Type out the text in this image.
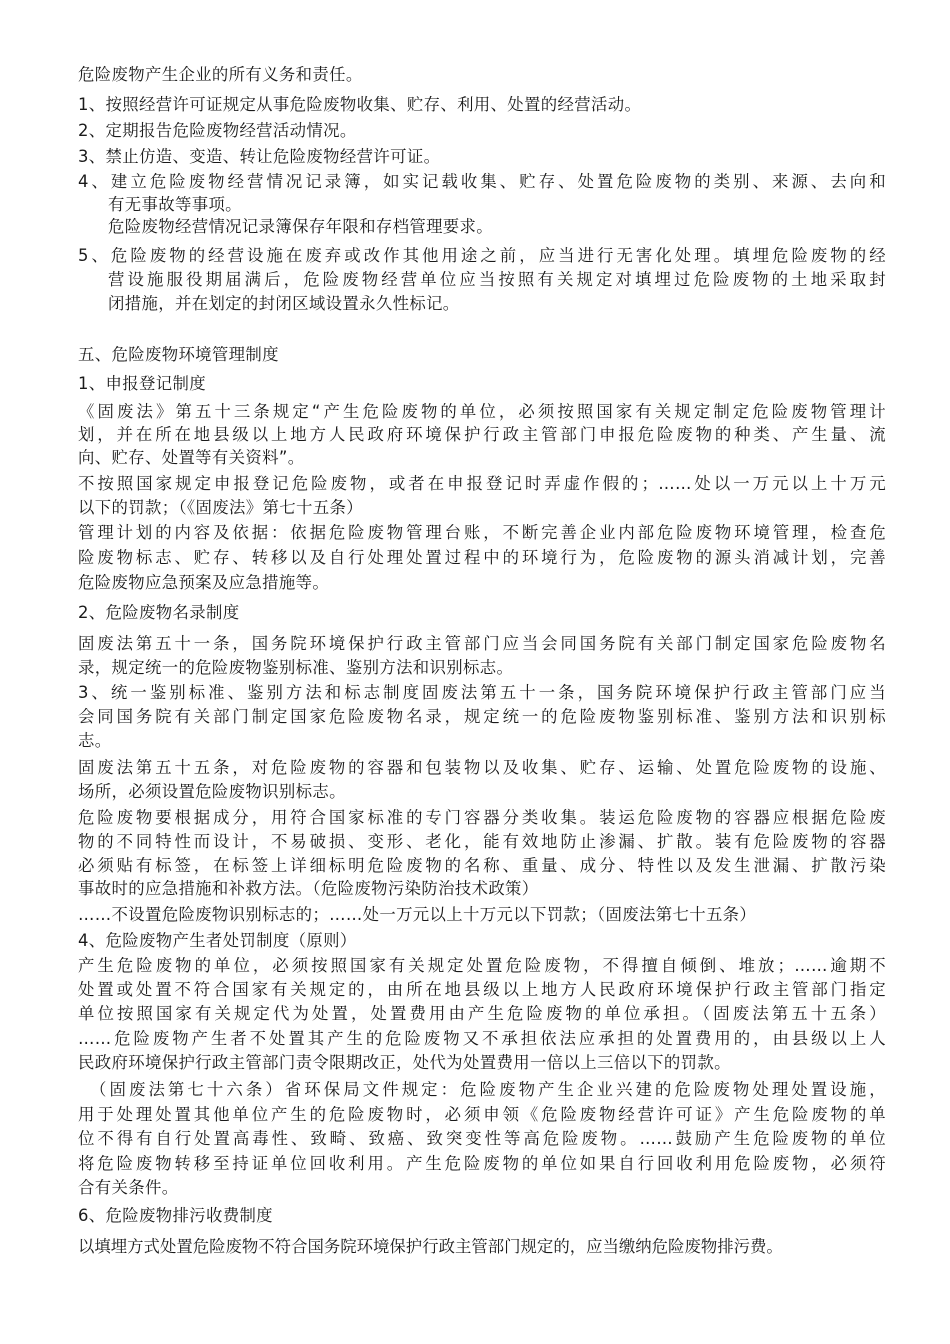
危险废物产生企业的所有义务和责任。

1、按照经营许可证规定从事危险废物收集、贮存、利用、处置的经营活动。

2、定期报告危险废物经营活动情况。

3、禁止仿造、变造、转让危险废物经营许可证。

4、建立危险废物经营情况记录簿，如实记载收集、贮存、处置危险废物的类别、来源、去向和

有无事故等事项。

危险废物经营情况记录簿保存年限和存档管理要求。

5、危险废物的经营设施在废弃或改作其他用途之前，应当进行无害化处理。填埋危险废物的经

营设施服役期届满后，危险废物经营单位应当按照有关规定对填埋过危险废物的土地采取封

闭措施，并在划定的封闭区域设置永久性标记。

五、危险废物环境管理制度

1、申报登记制度

《固废法》第五十三条规定“产生危险废物的单位，必须按照国家有关规定制定危险废物管理计

划，并在所在地县级以上地方人民政府环境保护行政主管部门申报危险废物的种类、产生量、流

向、贮存、处置等有关资料”。

不按照国家规定申报登记危险废物，或者在申报登记时弄虚作假的；……处以一万元以上十万元

以下的罚款；（《固废法》第七十五条）

管理计划的内容及依据：依据危险废物管理台账，不断完善企业内部危险废物环境管理，检查危

险废物标志、贮存、转移以及自行处理处置过程中的环境行为，危险废物的源头消减计划，完善

危险废物应急预案及应急措施等。

2、危险废物名录制度

固废法第五十一条，国务院环境保护行政主管部门应当会同国务院有关部门制定国家危险废物名

录，规定统一的危险废物鉴别标准、鉴别方法和识别标志。

3、统一鉴别标准、鉴别方法和标志制度固废法第五十一条，国务院环境保护行政主管部门应当

会同国务院有关部门制定国家危险废物名录，规定统一的危险废物鉴别标准、鉴别方法和识别标

志。

固废法第五十五条，对危险废物的容器和包装物以及收集、贮存、运输、处置危险废物的设施、

场所，必须设置危险废物识别标志。

危险废物要根据成分，用符合国家标准的专门容器分类收集。装运危险废物的容器应根据危险废

物的不同特性而设计，不易破损、变形、老化，能有效地防止渗漏、扩散。装有危险废物的容器

必须贴有标签，在标签上详细标明危险废物的名称、重量、成分、特性以及发生泄漏、扩散污染

事故时的应急措施和补救方法。（危险废物污染防治技术政策）

……不设置危险废物识别标志的；……处一万元以上十万元以下罚款；（固废法第七十五条）

4、危险废物产生者处罚制度（原则）

产生危险废物的单位，必须按照国家有关规定处置危险废物，不得擅自倾倒、堆放；……逾期不

处置或处置不符合国家有关规定的，由所在地县级以上地方人民政府环境保护行政主管部门指定

单位按照国家有关规定代为处置，处置费用由产生危险废物的单位承担。（固废法第五十五条）

……危险废物产生者不处置其产生的危险废物又不承担依法应承担的处置费用的，由县级以上人

民政府环境保护行政主管部门责令限期改正，处代为处置费用一倍以上三倍以下的罚款。

（固废法第七十六条）省环保局文件规定：危险废物产生企业兴建的危险废物处理处置设施，

用于处理处置其他单位产生的危险废物时，必须申领《危险废物经营许可证》产生危险废物的单

位不得有自行处置高毒性、致畸、致癌、致突变性等高危险废物。……鼓励产生危险废物的单位

将危险废物转移至持证单位回收利用。产生危险废物的单位如果自行回收利用危险废物，必须符

合有关条件。

6、危险废物排污收费制度

以填埋方式处置危险废物不符合国务院环境保护行政主管部门规定的，应当缴纳危险废物排污费。
